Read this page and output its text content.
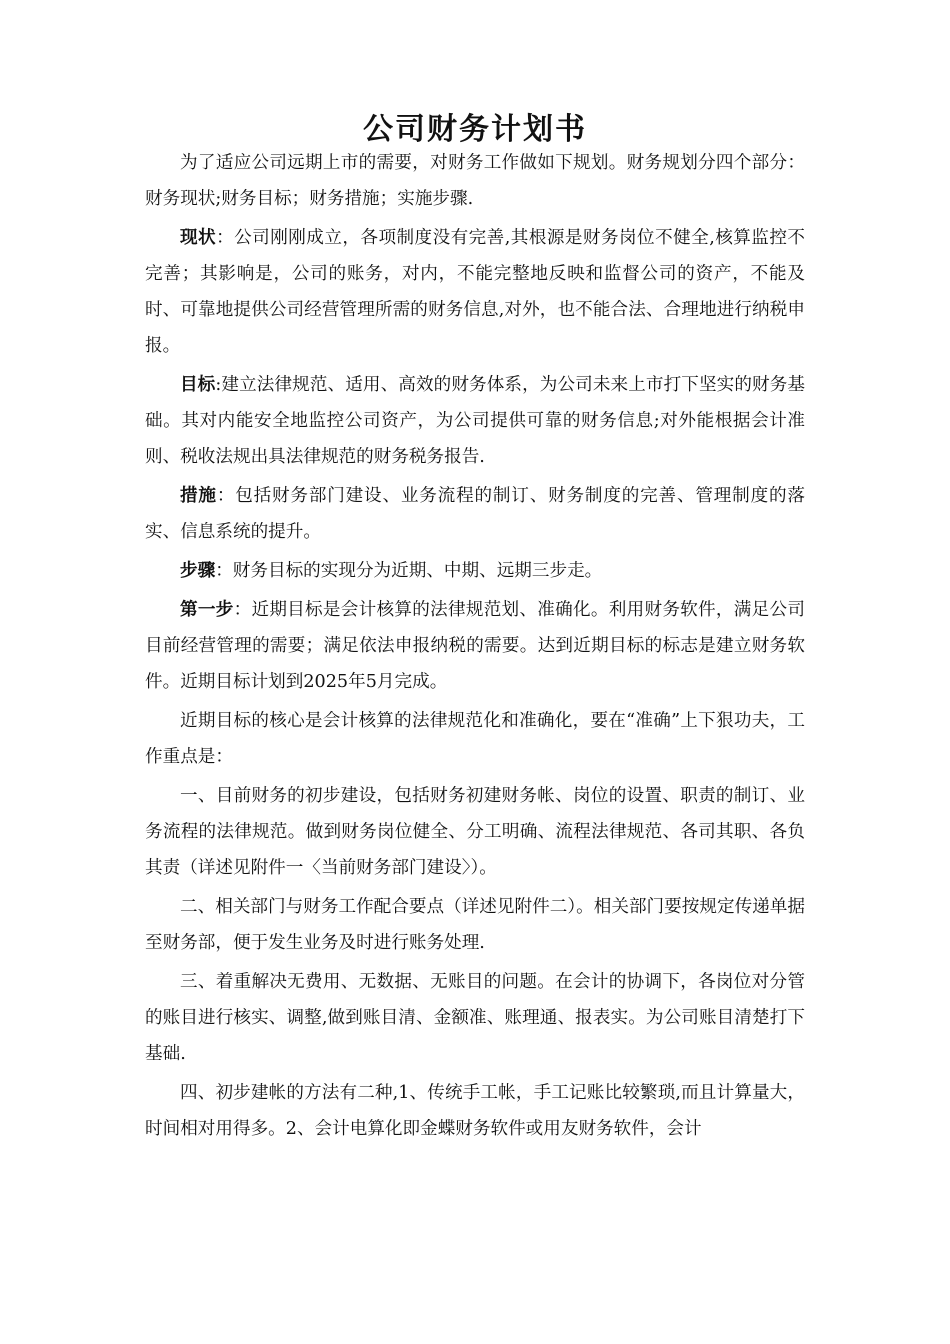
公司财务计划书

为了适应公司远期上市的需要，对财务工作做如下规划。财务规划分四个部分：财务现状;财务目标；财务措施；实施步骤.

现状：公司刚刚成立，各项制度没有完善,其根源是财务岗位不健全,核算监控不完善；其影响是，公司的账务，对内，不能完整地反映和监督公司的资产，不能及时、可靠地提供公司经营管理所需的财务信息,对外，也不能合法、合理地进行纳税申报。

目标:建立法律规范、适用、高效的财务体系，为公司未来上市打下坚实的财务基础。其对内能安全地监控公司资产，为公司提供可靠的财务信息;对外能根据会计准则、税收法规出具法律规范的财务税务报告.

措施：包括财务部门建设、业务流程的制订、财务制度的完善、管理制度的落实、信息系统的提升。

步骤：财务目标的实现分为近期、中期、远期三步走。

第一步：近期目标是会计核算的法律规范划、准确化。利用财务软件，满足公司目前经营管理的需要；满足依法申报纳税的需要。达到近期目标的标志是建立财务软件。近期目标计划到2025年5月完成。

近期目标的核心是会计核算的法律规范化和准确化，要在“准确”上下狠功夫，工作重点是：

一、目前财务的初步建设，包括财务初建财务帐、岗位的设置、职责的制订、业务流程的法律规范。做到财务岗位健全、分工明确、流程法律规范、各司其职、各负其责（详述见附件一〈当前财务部门建设〉）。

二、相关部门与财务工作配合要点（详述见附件二）。相关部门要按规定传递单据至财务部，便于发生业务及时进行账务处理.

三、着重解决无费用、无数据、无账目的问题。在会计的协调下，各岗位对分管的账目进行核实、调整,做到账目清、金额准、账理通、报表实。为公司账目清楚打下基础.

四、初步建帐的方法有二种,1、传统手工帐，手工记账比较繁琐,而且计算量大，时间相对用得多。2、会计电算化即金蝶财务软件或用友财务软件，会计
